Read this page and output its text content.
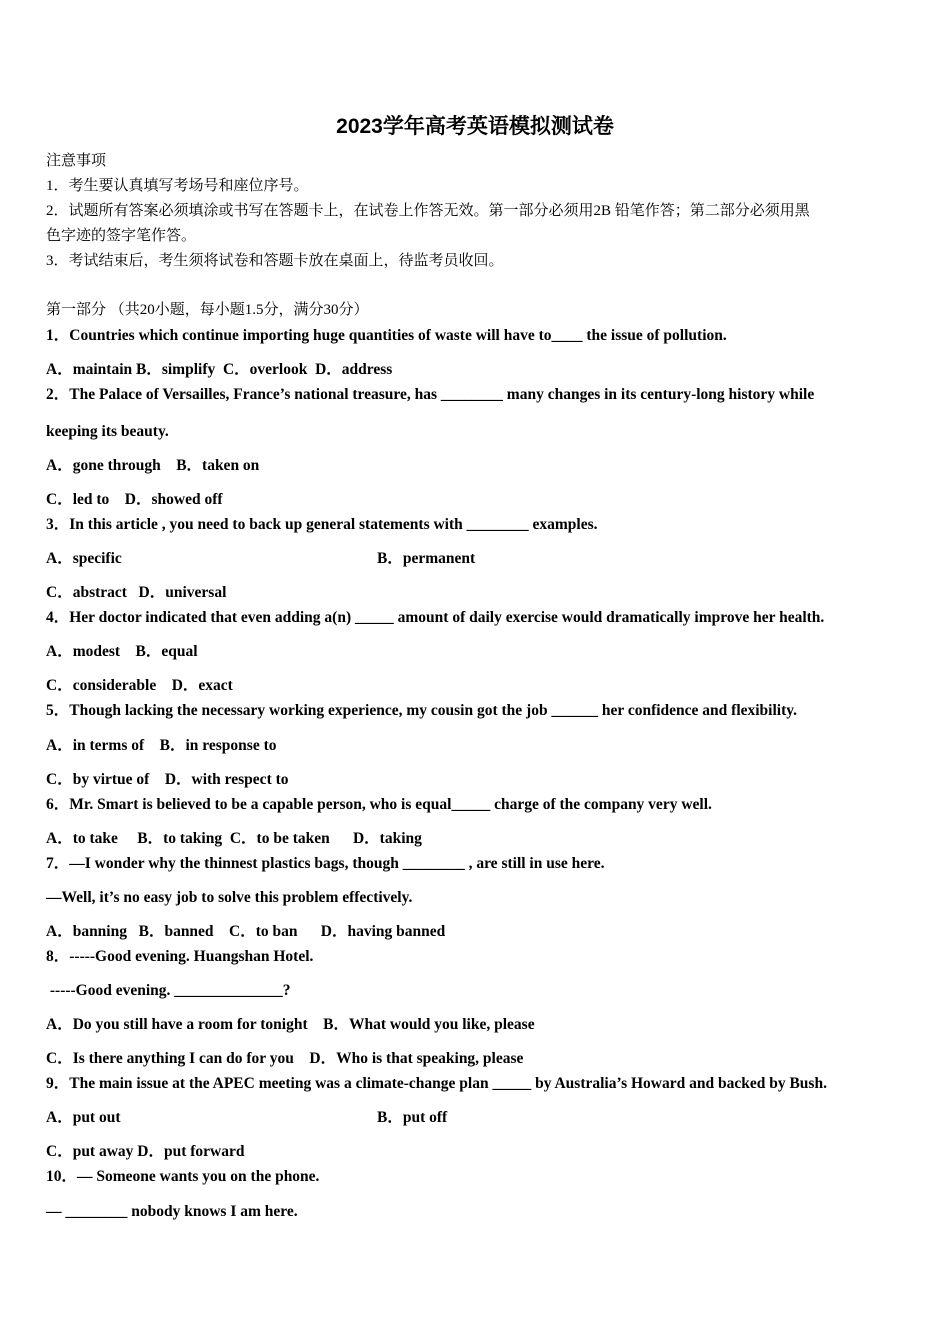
2023学年高考英语模拟测试卷
注意事项
1．考生要认真填写考场号和座位序号。
2．试题所有答案必须填涂或书写在答题卡上，在试卷上作答无效。第一部分必须用2B 铅笔作答；第二部分必须用黑
色字迹的签字笔作答。
3．考试结束后，考生须将试卷和答题卡放在桌面上，待监考员收回。
第一部分 （共20小题，每小题1.5分，满分30分）
1．Countries which continue importing huge quantities of waste will have to____ the issue of pollution.
A．maintain B．simplify  C．overlook  D．address
2．The Palace of Versailles, France’s national treasure, has ________ many changes in its century-long history while
keeping its beauty.
A．gone through    B．taken on
C．led to    D．showed off
3．In this article , you need to back up general statements with ________ examples.
A．specific	B．permanent
C．abstract   D．universal
4．Her doctor indicated that even adding a(n) _____ amount of daily exercise would dramatically improve her health.
A．modest    B．equal
C．considerable    D．exact
5．Though lacking the necessary working experience, my cousin got the job ______ her confidence and flexibility.
A．in terms of    B．in response to
C．by virtue of    D．with respect to
6．Mr. Smart is believed to be a capable person, who is equal_____ charge of the company very well.
A．to take     B．to taking  C．to be taken      D．taking
7．—I wonder why the thinnest plastics bags, though ________ , are still in use here.
—Well, it’s no easy job to solve this problem effectively.
A．banning   B．banned    C．to ban      D．having banned
8．-----Good evening. Huangshan Hotel.
-----Good evening. ______________?
A．Do you still have a room for tonight    B．What would you like, please
C．Is there anything I can do for you    D．Who is that speaking, please
9．The main issue at the APEC meeting was a climate-change plan _____ by Australia’s Howard and backed by Bush.
A．put out	B．put off
C．put away D．put forward
10．— Someone wants you on the phone.
— ________ nobody knows I am here.
